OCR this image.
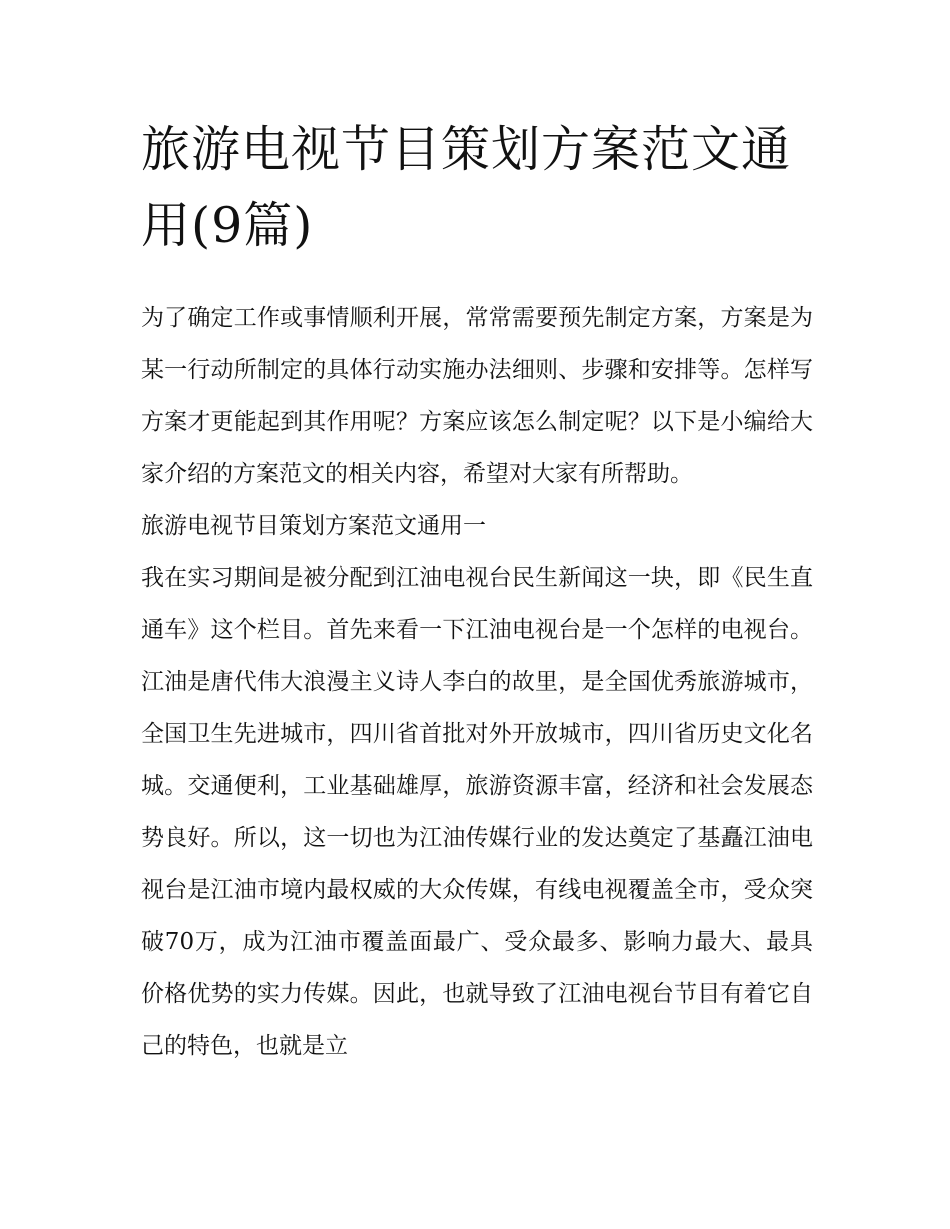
旅游电视节目策划方案范文通用(9篇)

为了确定工作或事情顺利开展，常常需要预先制定方案，方案是为某一行动所制定的具体行动实施办法细则、步骤和安排等。怎样写方案才更能起到其作用呢？方案应该怎么制定呢？以下是小编给大家介绍的方案范文的相关内容，希望对大家有所帮助。

旅游电视节目策划方案范文通用一

我在实习期间是被分配到江油电视台民生新闻这一块，即《民生直通车》这个栏目。首先来看一下江油电视台是一个怎样的电视台。江油是唐代伟大浪漫主义诗人李白的故里，是全国优秀旅游城市，全国卫生先进城市，四川省首批对外开放城市，四川省历史文化名城。交通便利，工业基础雄厚，旅游资源丰富，经济和社会发展态势良好。所以，这一切也为江油传媒行业的发达奠定了基矗江油电视台是江油市境内最权威的大众传媒，有线电视覆盖全市，受众突破70万，成为江油市覆盖面最广、受众最多、影响力最大、最具价格优势的实力传媒。因此，也就导致了江油电视台节目有着它自己的特色，也就是立
